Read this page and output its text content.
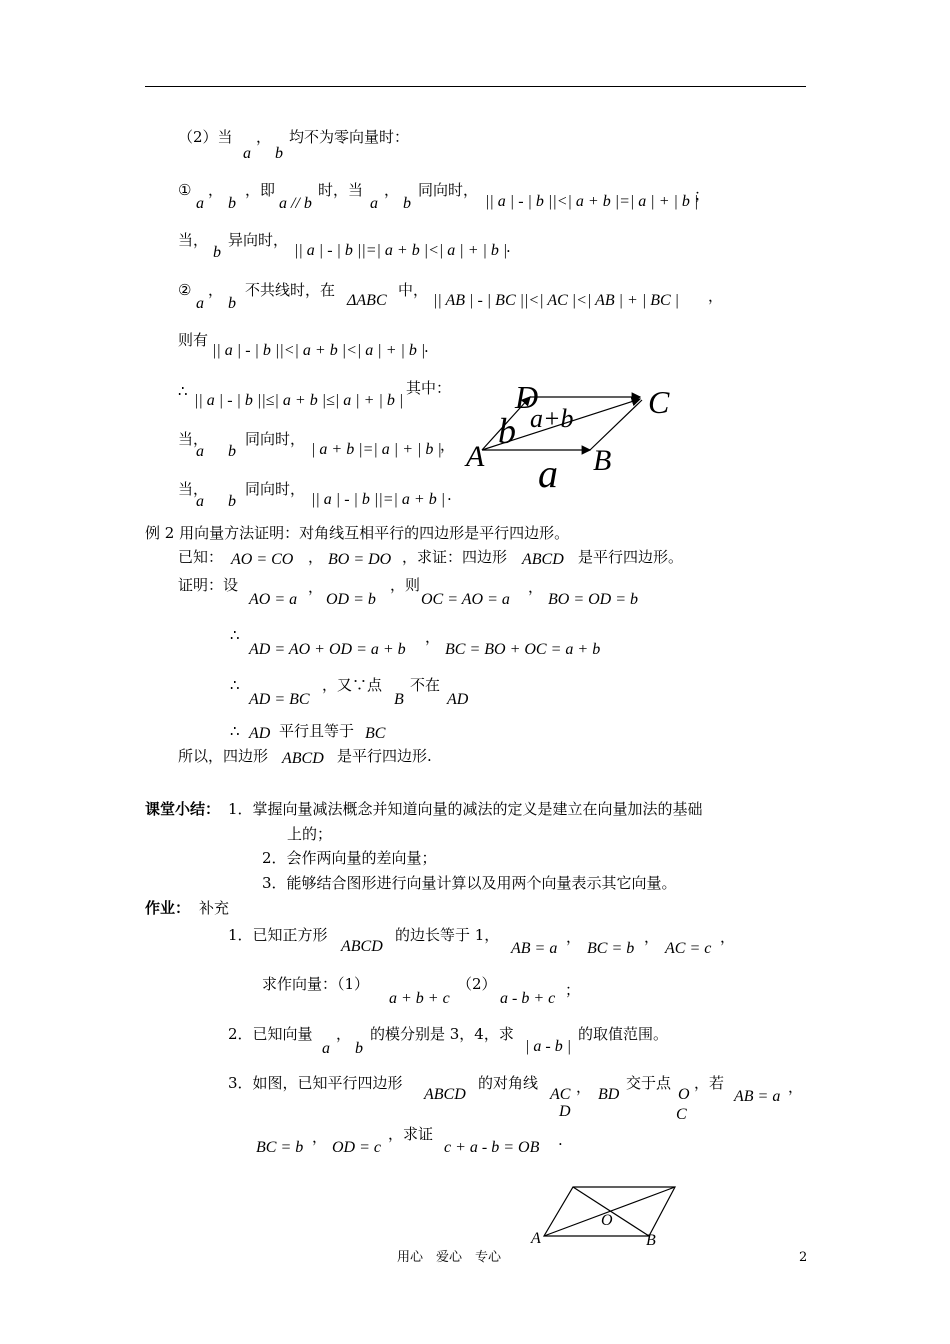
（2）当
a
，
b
均不为零向量时：
①
a
，
b
，即
a // b
时，当
a
，
b
同向时，
|| a | - | b ||<| a + b |=| a | + | b |
；
当，
b
异向时，
|| a | - | b ||=| a + b |<| a | + | b |
.
②
a
，
b
不共线时，在
ΔABC
中，
|| AB | - | BC ||<| AC |<| AB | + | BC | ，
则有
|| a | - | b ||<| a + b |<| a | + | b |
.
∴
|| a | - | b ||≤| a + b |≤| a | + | b |
其中：
当，
a b
同向时，
| a + b |=| a | + | b |
，
当，
a b
同向时，
|| a | - | b ||=| a + b | .
D	C
A	B
a
b a+b
例 2 用向量方法证明：对角线互相平行的四边形是平行四边形。
已知： AO = CO ， BO = DO ，求证：四边形 ABCD 是平行四边形。
证明：设
AO = a
，
OD = b
，则
OC = AO = a
，
BO = OD = b
∴
AD = AO + OD = a + b
，
BC = BO + OC = a + b
∴
AD = BC
，又∵点
B
不在
AD
∴ AD 平行且等于 BC
所以，四边形 ABCD 是平行四边形.
课堂小结： 1．掌握向量减法概念并知道向量的减法的定义是建立在向量加法的基础
上的；
2．会作两向量的差向量；
3．能够结合图形进行向量计算以及用两个向量表示其它向量。
作业： 补充
1．已知正方形
ABCD
的边长等于 1，
AB = a
，
BC = b
，
AC = c
，
求作向量：（1）
a + b + c
（2）
a - b + c ；
2．已知向量
a
，
b
的模分别是 3，4，求
| a - b |
的取值范围。
3．如图，已知平行四边形
ABCD
的对角线
AC
D
， BD
交于点
O
C
，若
AB = a
，
BC = b
，
OD = c
，求证
c + a - b = OB .
O
A	B
用心　爱心　专心	2
